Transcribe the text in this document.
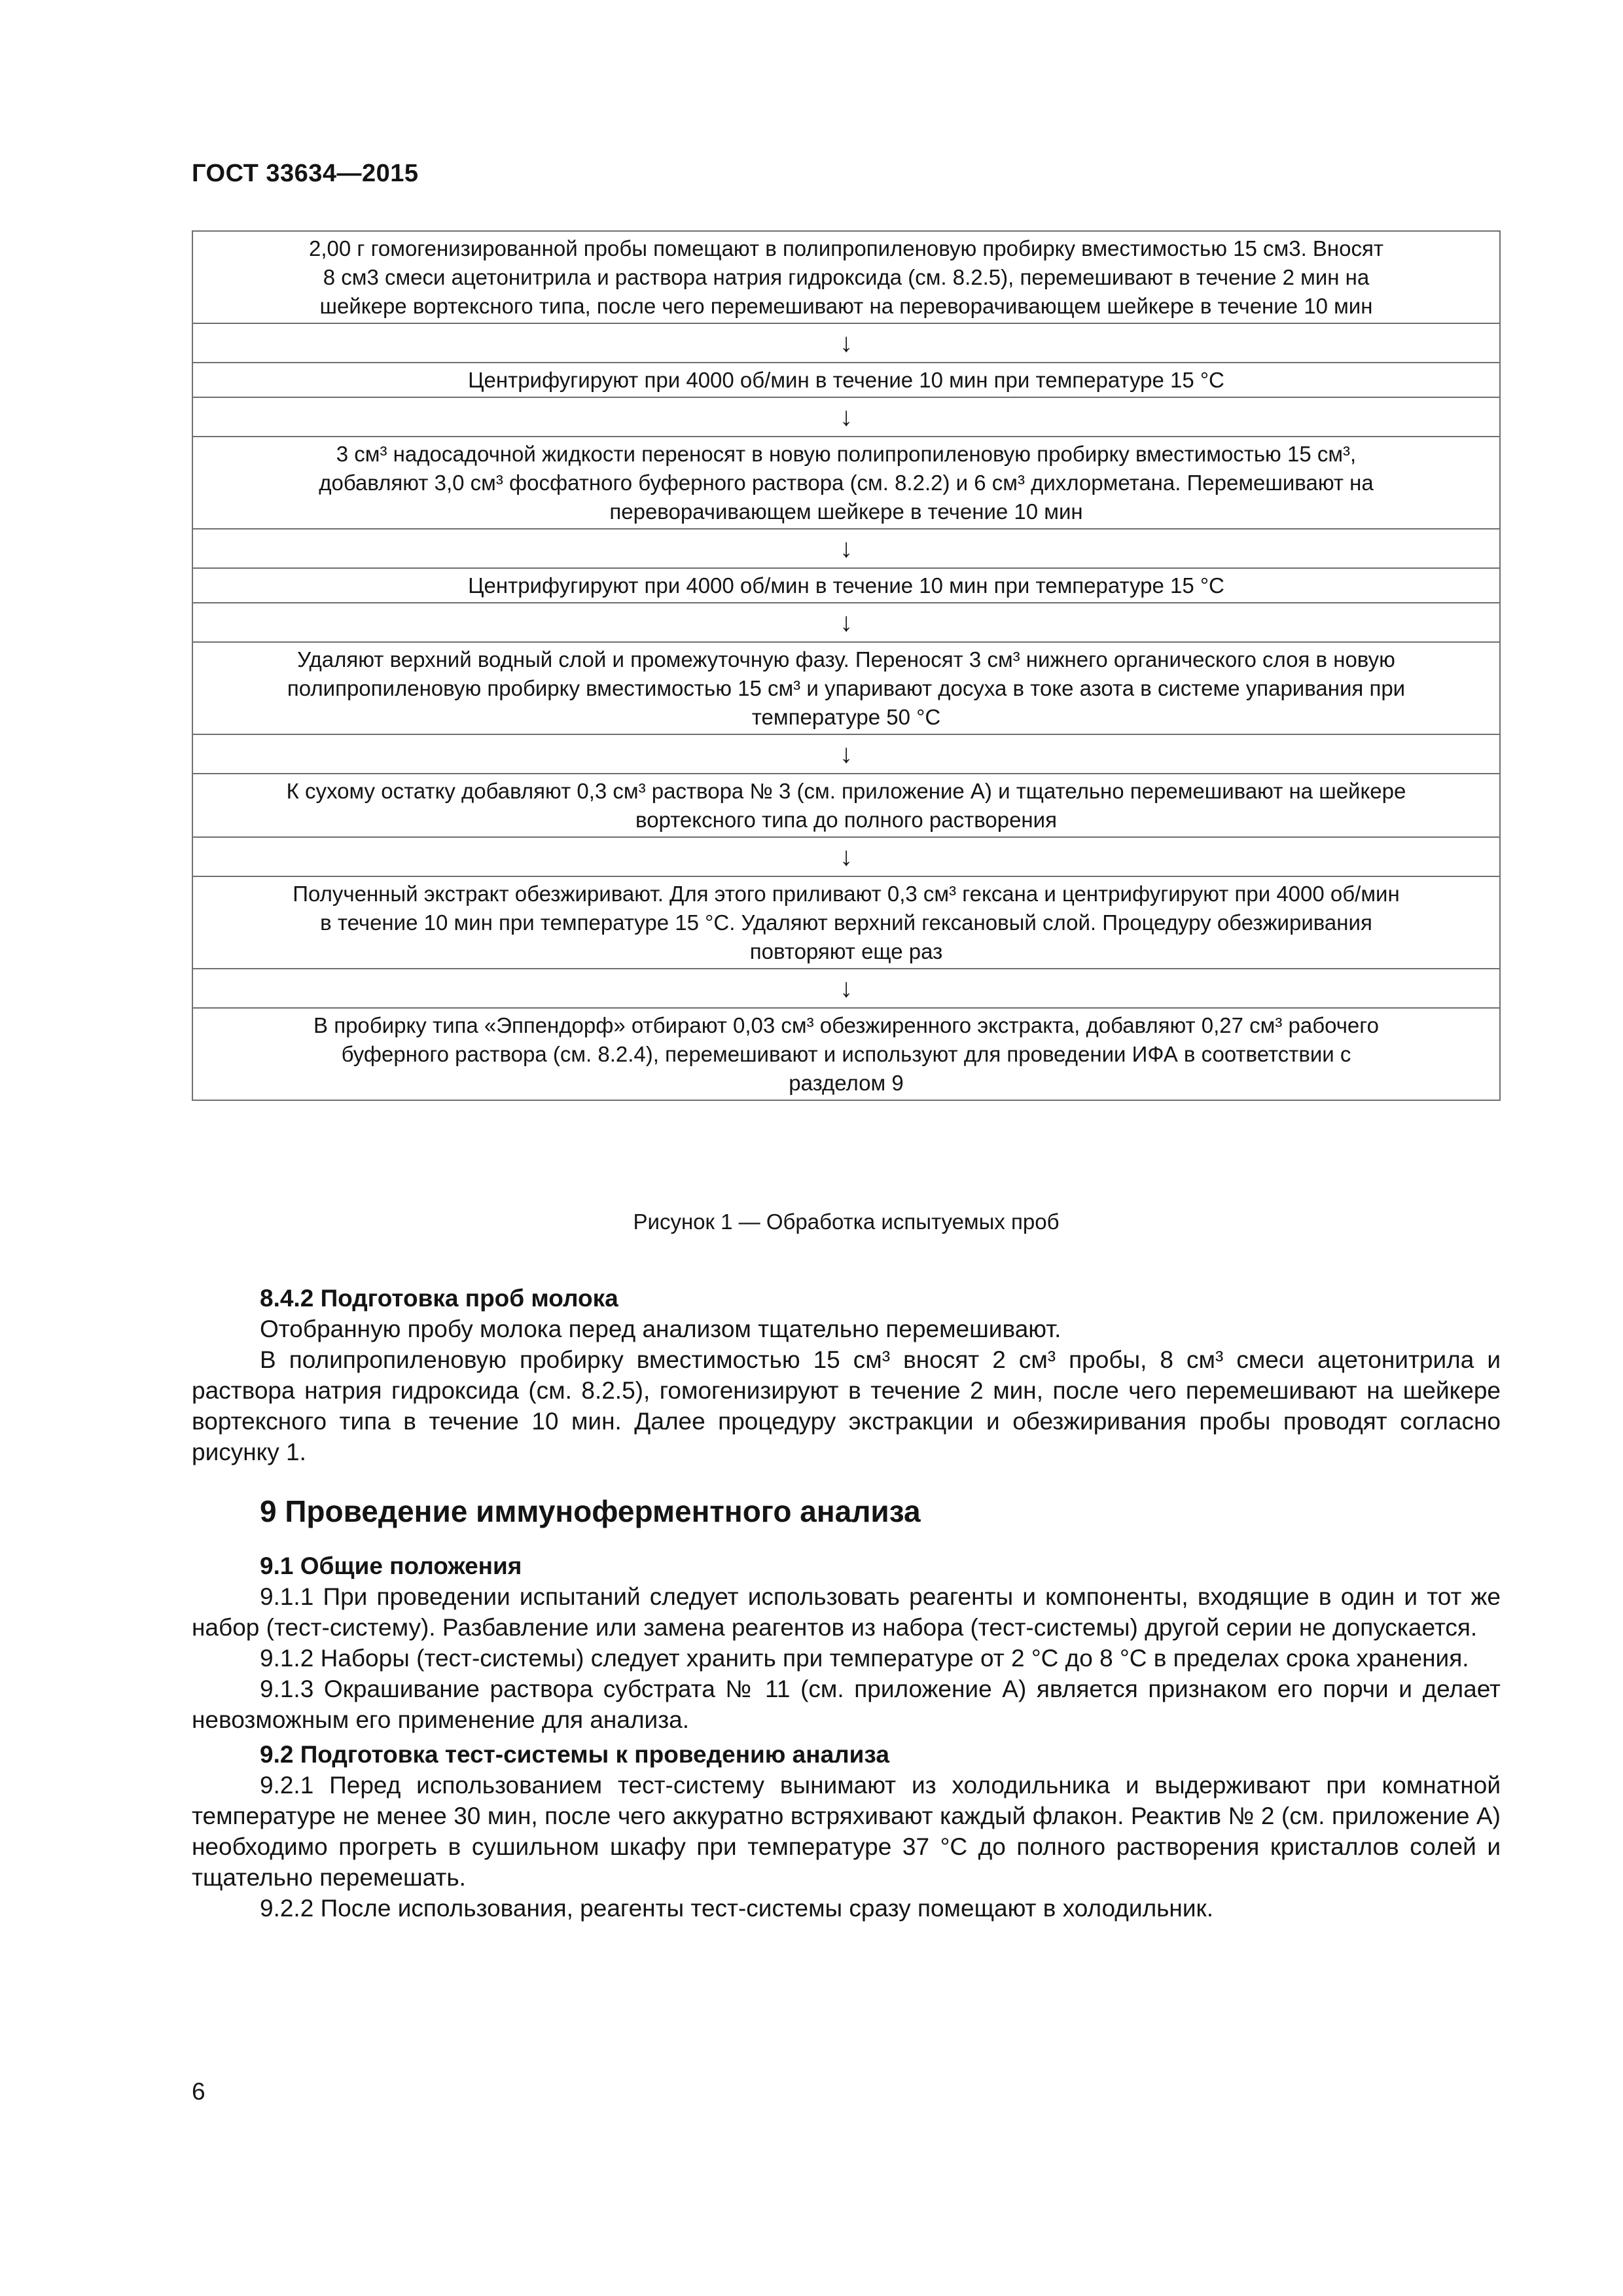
ГОСТ 33634—2015
2,00 г гомогенизированной пробы помещают в полипропиленовую пробирку вместимостью 15 см3. Вносят
8 см3 смеси ацетонитрила и раствора натрия гидроксида (см. 8.2.5), перемешивают в течение 2 мин на
шейкере вортексного типа, после чего перемешивают на переворачивающем шейкере в течение 10 мин

↓

Центрифугируют при 4000 об/мин в течение 10 мин при температуре 15 °С

↓

3 см³ надосадочной жидкости переносят в новую полипропиленовую пробирку вместимостью 15 см³,
добавляют 3,0 см³ фосфатного буферного раствора (см. 8.2.2) и 6 см³ дихлорметана. Перемешивают на
переворачивающем шейкере в течение 10 мин

↓

Центрифугируют при 4000 об/мин в течение 10 мин при температуре 15 °С

↓

Удаляют верхний водный слой и промежуточную фазу. Переносят 3 см³ нижнего органического слоя в новую
полипропиленовую пробирку вместимостью 15 см³ и упаривают досуха в токе азота в системе упаривания при
температуре 50 °С

↓

К сухому остатку добавляют 0,3 см³ раствора № 3 (см. приложение А) и тщательно перемешивают на шейкере
вортексного типа до полного растворения

↓

Полученный экстракт обезжиривают. Для этого приливают 0,3 см³ гексана и центрифугируют при 4000 об/мин
в течение 10 мин при температуре 15 °С. Удаляют верхний гексановый слой. Процедуру обезжиривания
повторяют еще раз

↓

В пробирку типа «Эппендорф» отбирают 0,03 см³ обезжиренного экстракта, добавляют 0,27 см³ рабочего
буферного раствора (см. 8.2.4), перемешивают и используют для проведении ИФА в соответствии с
разделом 9
Рисунок 1 — Обработка испытуемых проб

8.4.2 Подготовка проб молока

Отобранную пробу молока перед анализом тщательно перемешивают.

В полипропиленовую пробирку вместимостью 15 см³ вносят 2 см³ пробы, 8 см³ смеси ацетонитрила и раствора натрия гидроксида (см. 8.2.5), гомогенизируют в течение 2 мин, после чего перемешивают на шейкере вортексного типа в течение 10 мин. Далее процедуру экстракции и обезжиривания пробы проводят согласно рисунку 1.

9 Проведение иммуноферментного анализа

9.1 Общие положения

9.1.1 При проведении испытаний следует использовать реагенты и компоненты, входящие в один и тот же набор (тест-систему). Разбавление или замена реагентов из набора (тест-системы) другой серии не допускается.

9.1.2 Наборы (тест-системы) следует хранить при температуре от 2 °С до 8 °С в пределах срока хранения.

9.1.3 Окрашивание раствора субстрата № 11 (см. приложение А) является признаком его порчи и делает невозможным его применение для анализа.

9.2 Подготовка тест-системы к проведению анализа

9.2.1 Перед использованием тест-систему вынимают из холодильника и выдерживают при комнатной температуре не менее 30 мин, после чего аккуратно встряхивают каждый флакон. Реактив № 2 (см. приложение А) необходимо прогреть в сушильном шкафу при температуре 37 °С до полного растворения кристаллов солей и тщательно перемешать.

9.2.2 После использования, реагенты тест-системы сразу помещают в холодильник.

6
